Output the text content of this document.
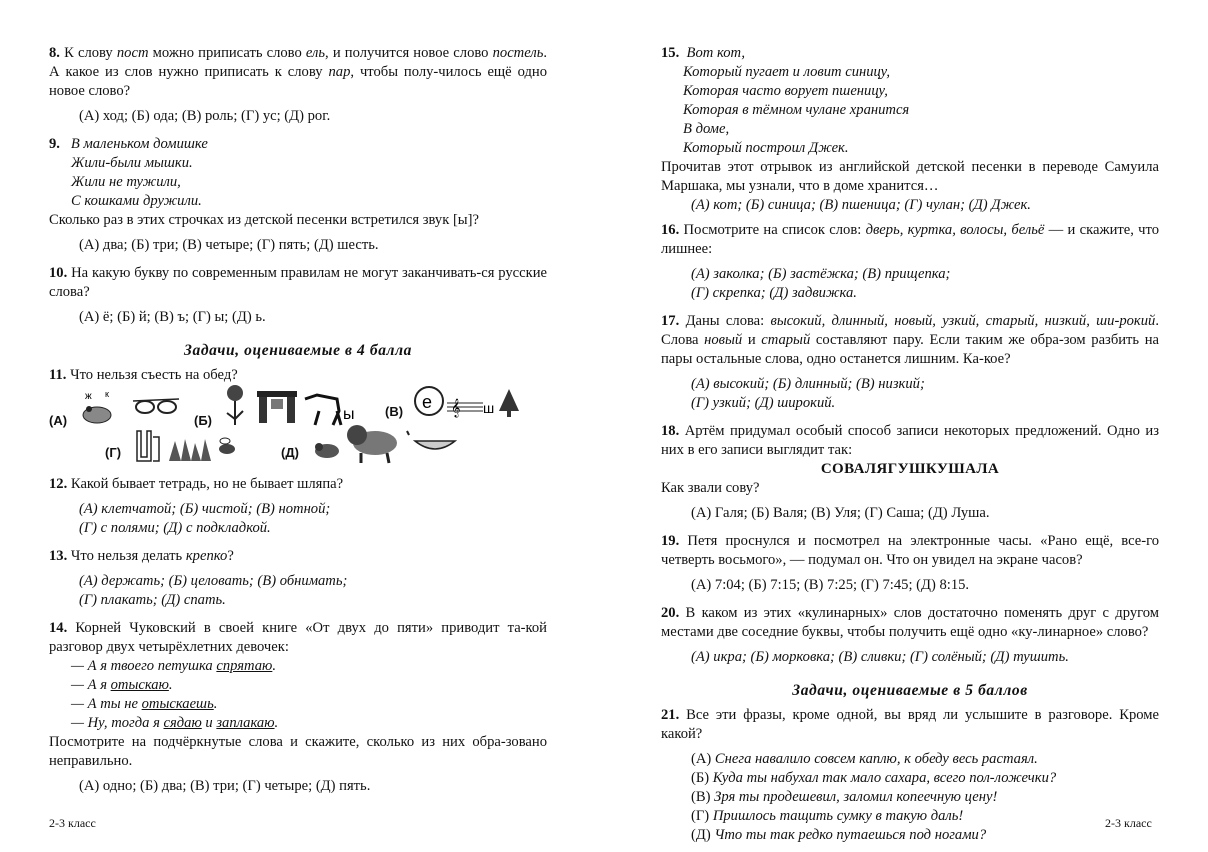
8. К слову пост можно приписать слово ель, и получится новое слово постель. А какое из слов нужно приписать к слову пар, чтобы полу-чилось ещё одно новое слово?

(А) ход; (Б) ода; (В) роль; (Г) ус; (Д) рог.

9. В маленьком домишке

Жили-были мышки.

Жили не тужили,

С кошками дружили.

Сколько раз в этих строчках из детской песенки встретился звук [ы]?

(А) два; (Б) три; (В) четыре; (Г) пять; (Д) шесть.

10. На какую букву по современным правилам не могут заканчивать-ся русские слова?

(А) ё; (Б) й; (В) ъ; (Г) ы; (Д) ь.

Задачи, оцениваемые в 4 балла

11. Что нельзя съесть на обед?

(А)
ж к
(Б)	ы (В) е 𝄞 ш
(Г)	(Д)

12. Какой бывает тетрадь, но не бывает шляпа?

(А) клетчатой; (Б) чистой; (В) нотной;

(Г) с полями; (Д) с подкладкой.

13. Что нельзя делать крепко?

(А) держать; (Б) целовать; (В) обнимать;

(Г) плакать; (Д) спать.

14. Корней Чуковский в своей книге «От двух до пяти» приводит та-кой разговор двух четырёхлетних девочек:

— А я твоего петушка спрятаю.

— А я отыскаю.

— А ты не отыскаешь.

— Ну, тогда я сядаю и заплакаю.

Посмотрите на подчёркнутые слова и скажите, сколько из них обра-зовано неправильно.

(А) одно; (Б) два; (В) три; (Г) четыре; (Д) пять.

15. Вот кот,

Который пугает и ловит синицу,

Которая часто ворует пшеницу,

Которая в тёмном чулане хранится

В доме,

Который построил Джек.

Прочитав этот отрывок из английской детской песенки в переводе Самуила Маршака, мы узнали, что в доме хранится…

(А) кот; (Б) синица; (В) пшеница; (Г) чулан; (Д) Джек.

16. Посмотрите на список слов: дверь, куртка, волосы, бельё — и скажите, что лишнее:

(А) заколка; (Б) застёжка; (В) прищепка;

(Г) скрепка; (Д) задвижка.

17. Даны слова: высокий, длинный, новый, узкий, старый, низкий, ши-рокий. Слова новый и старый составляют пару. Если таким же обра-зом разбить на пары остальные слова, одно останется лишним. Ка-кое?

(А) высокий; (Б) длинный; (В) низкий;

(Г) узкий; (Д) широкий.

18. Артём придумал особый способ записи некоторых предложений. Одно из них в его записи выглядит так:

СОВАЛЯГУШКУШАЛА

Как звали сову?

(А) Галя; (Б) Валя; (В) Уля; (Г) Саша; (Д) Луша.

19. Петя проснулся и посмотрел на электронные часы. «Рано ещё, все-го четверть восьмого», — подумал он. Что он увидел на экране часов?

(А) 7:04; (Б) 7:15; (В) 7:25; (Г) 7:45; (Д) 8:15.

20. В каком из этих «кулинарных» слов достаточно поменять друг с другом местами две соседние буквы, чтобы получить ещё одно «ку-линарное» слово?

(А) икра; (Б) морковка; (В) сливки; (Г) солёный; (Д) тушить.

Задачи, оцениваемые в 5 баллов

21. Все эти фразы, кроме одной, вы вряд ли услышите в разговоре. Кроме какой?

(А) Снега навалило совсем каплю, к обеду весь растаял.

(Б) Куда ты набухал так мало сахара, всего пол-ложечки?

(В) Зря ты продешевил, заломил копеечную цену!

(Г) Пришлось тащить сумку в такую даль!

(Д) Что ты так редко путаешься под ногами?

2-3 класс	2-3 класс
